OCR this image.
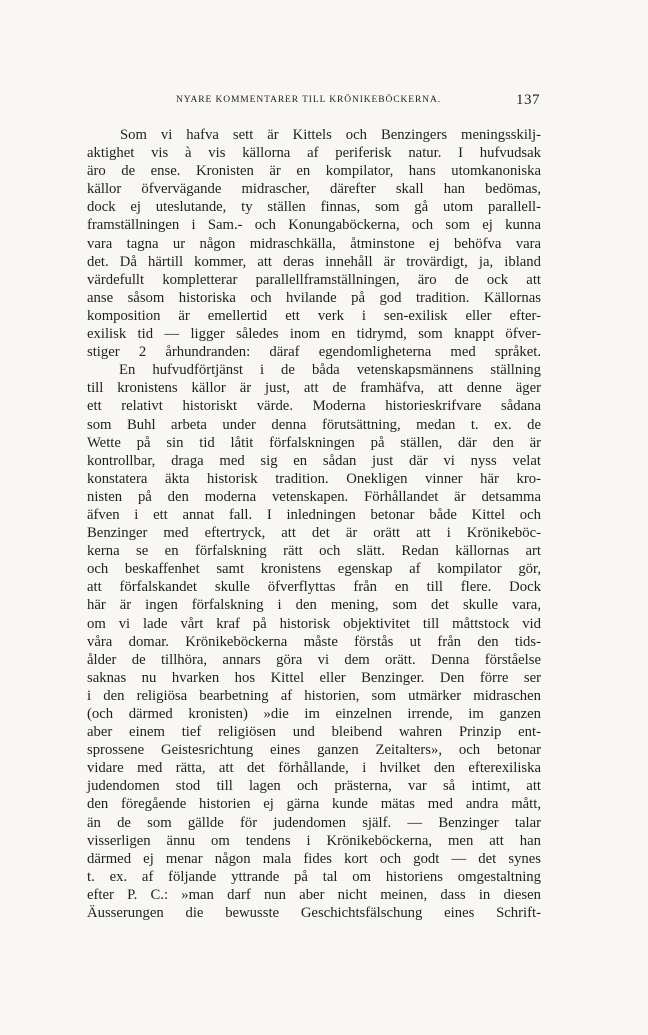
NYARE KOMMENTARER TILL KRÖNIKEBÖCKERNA.	137
Som vi hafva sett är Kittels och Benzingers meningsskilj-
aktighet vis à vis källorna af periferisk natur. I hufvudsak
äro de ense. Kronisten är en kompilator, hans utomkanoniska
källor öfvervägande midrascher, därefter skall han bedömas,
dock ej uteslutande, ty ställen finnas, som gå utom parallell-
framställningen i Sam.- och Konungaböckerna, och som ej kunna
vara tagna ur någon midraschkälla, åtminstone ej behöfva vara
det. Då härtill kommer, att deras innehåll är trovärdigt, ja, ibland
värdefullt kompletterar parallellframställningen, äro de ock att
anse såsom historiska och hvilande på god tradition. Källornas
komposition är emellertid ett verk i sen-exilisk eller efter-
exilisk tid — ligger således inom en tidrymd, som knappt öfver-
stiger 2 århundranden: däraf egendomligheterna med språket.
En hufvudförtjänst i de båda vetenskapsmännens ställning
till kronistens källor är just, att de framhäfva, att denne äger
ett relativt historiskt värde. Moderna historieskrifvare sådana
som Buhl arbeta under denna förutsättning, medan t. ex. de
Wette på sin tid låtit förfalskningen på ställen, där den är
kontrollbar, draga med sig en sådan just där vi nyss velat
konstatera äkta historisk tradition. Onekligen vinner här kro-
nisten på den moderna vetenskapen. Förhållandet är detsamma
äfven i ett annat fall. I inledningen betonar både Kittel och
Benzinger med eftertryck, att det är orätt att i Krönikeböc-
kerna se en förfalskning rätt och slätt. Redan källornas art
och beskaffenhet samt kronistens egenskap af kompilator gör,
att förfalskandet skulle öfverflyttas från en till flere. Dock
här är ingen förfalskning i den mening, som det skulle vara,
om vi lade vårt kraf på historisk objektivitet till måttstock vid
våra domar. Krönikeböckerna måste förstås ut från den tids-
ålder de tillhöra, annars göra vi dem orätt. Denna förståelse
saknas nu hvarken hos Kittel eller Benzinger. Den förre ser
i den religiösa bearbetning af historien, som utmärker midraschen
(och därmed kronisten) »die im einzelnen irrende, im ganzen
aber einem tief religiösen und bleibend wahren Prinzip ent-
sprossene Geistesrichtung eines ganzen Zeitalters», och betonar
vidare med rätta, att det förhållande, i hvilket den efterexiliska
judendomen stod till lagen och prästerna, var så intimt, att
den föregående historien ej gärna kunde mätas med andra mått,
än de som gällde för judendomen själf. — Benzinger talar
visserligen ännu om tendens i Krönikeböckerna, men att han
därmed ej menar någon mala fides kort och godt — det synes
t. ex. af följande yttrande på tal om historiens omgestaltning
efter P. C.: »man darf nun aber nicht meinen, dass in diesen
Äusserungen die bewusste Geschichtsfälschung eines Schrift-
